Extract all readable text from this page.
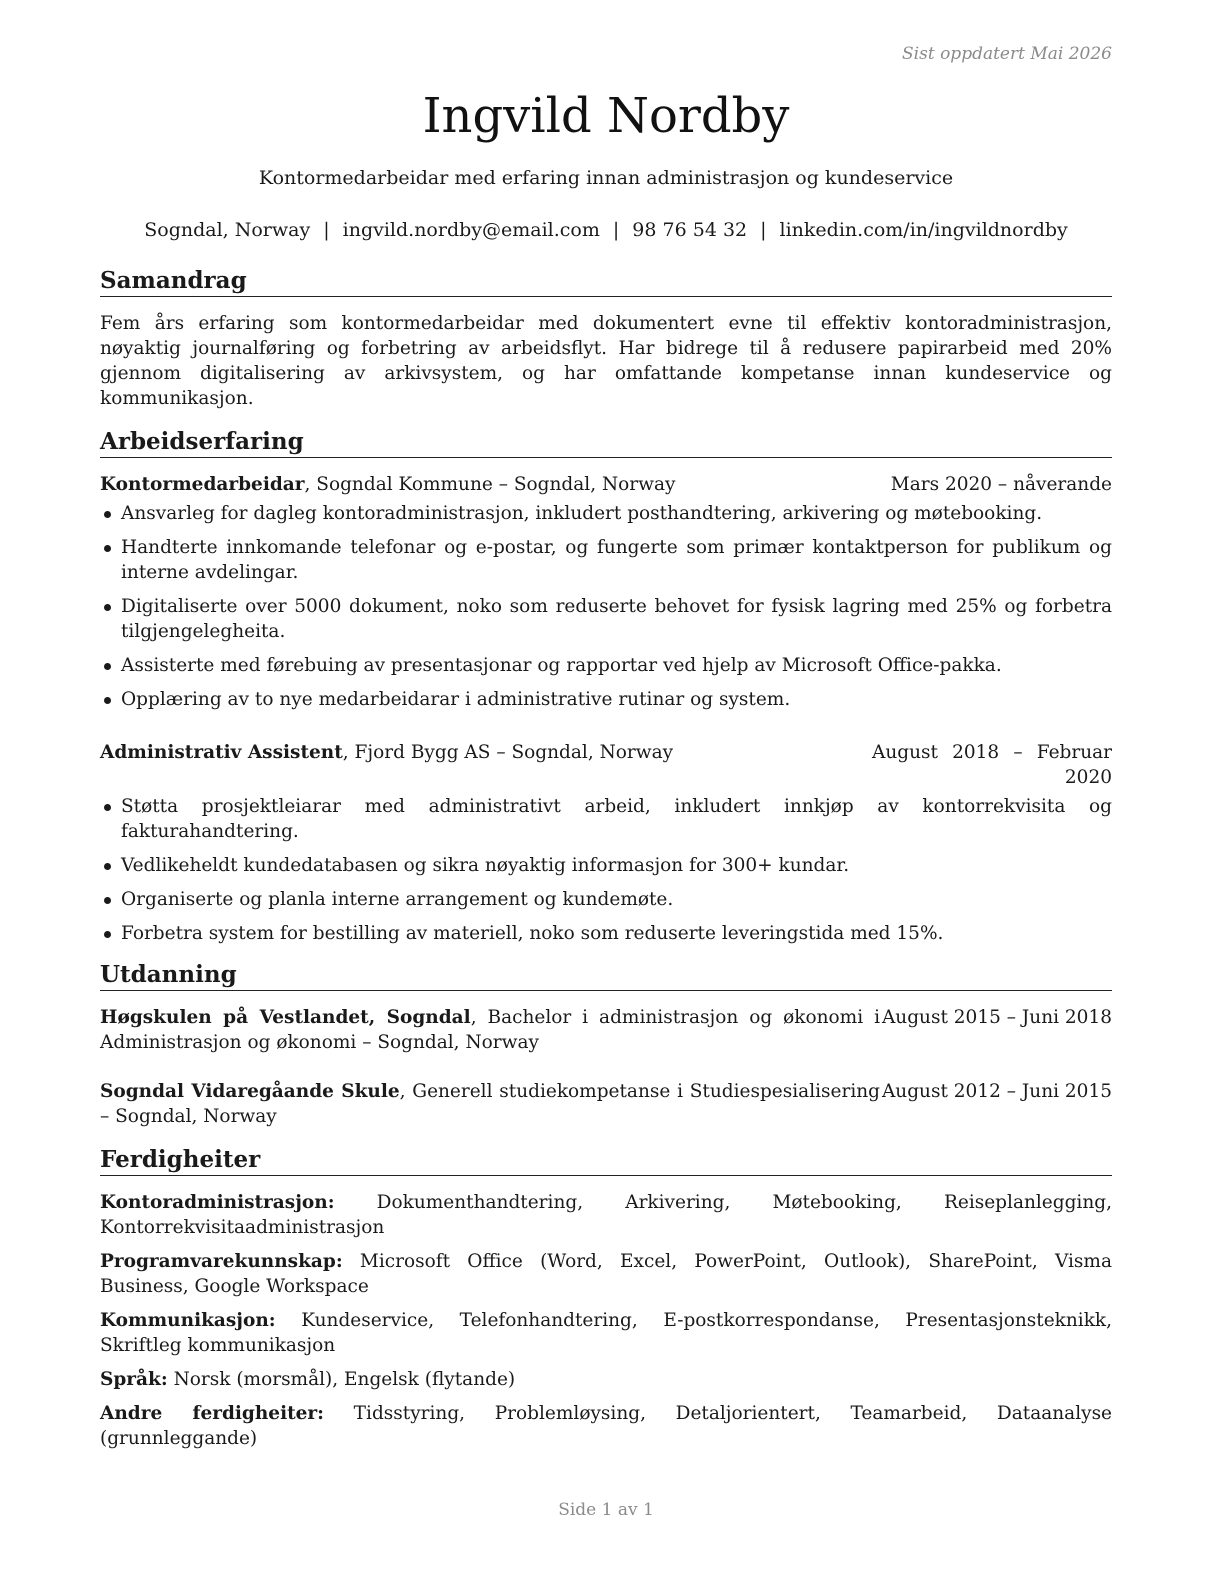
Sist oppdatert Mai 2026
Ingvild Nordby
Kontormedarbeidar med erfaring innan administrasjon og kundeservice
Sogndal, Norway | ingvild.nordby@email.com | 98 76 54 32 | linkedin.com/in/ingvildnordby
Samandrag

Fem års erfaring som kontormedarbeidar med dokumentert evne til effektiv kontoradministrasjon, nøyaktig journalføring og forbetring av arbeidsflyt. Har bidrege til å redusere papirarbeid med 20% gjennom digitalisering av arkivsystem, og har omfattande kompetanse innan kundeservice og kommunikasjon.

Arbeidserfaring
Kontormedarbeidar, Sogndal Kommune – Sogndal, Norway	Mars 2020 – nåverande
Ansvarleg for dagleg kontoradministrasjon, inkludert posthandtering, arkivering og møtebooking.
Handterte innkomande telefonar og e-postar, og fungerte som primær kontaktperson for publikum og interne avdelingar.
Digitaliserte over 5000 dokument, noko som reduserte behovet for fysisk lagring med 25% og forbetra tilgjengelegheita.
Assisterte med førebuing av presentasjonar og rapportar ved hjelp av Microsoft Office-pakka.
Opplæring av to nye medarbeidarar i administrative rutinar og system.
Administrativ Assistent, Fjord Bygg AS – Sogndal, Norway	August 2018 – Februar 2020
Støtta prosjektleiarar med administrativt arbeid, inkludert innkjøp av kontorrekvisita og fakturahandtering.
Vedlikeheldt kundedatabasen og sikra nøyaktig informasjon for 300+ kundar.
Organiserte og planla interne arrangement og kundemøte.
Forbetra system for bestilling av materiell, noko som reduserte leveringstida med 15%.
Utdanning
Høgskulen på Vestlandet, Sogndal, Bachelor i administrasjon og økonomi i Administrasjon og økonomi – Sogndal, Norway
August 2015 – Juni 2018
Sogndal Vidaregåande Skule, Generell studiekompetanse i Studiespesialisering – Sogndal, Norway
August 2012 – Juni 2015
Ferdigheiter
Kontoradministrasjon: Dokumenthandtering, Arkivering, Møtebooking, Reiseplanlegging, Kontorrekvisitaadministrasjon
Programvarekunnskap: Microsoft Office (Word, Excel, PowerPoint, Outlook), SharePoint, Visma Business, Google Workspace
Kommunikasjon: Kundeservice, Telefonhandtering, E-postkorrespondanse, Presentasjonsteknikk, Skriftleg kommunikasjon
Språk: Norsk (morsmål), Engelsk (flytande)
Andre ferdigheiter: Tidsstyring, Problemløysing, Detaljorientert, Teamarbeid, Dataanalyse (grunnleggande)
Side 1 av 1
